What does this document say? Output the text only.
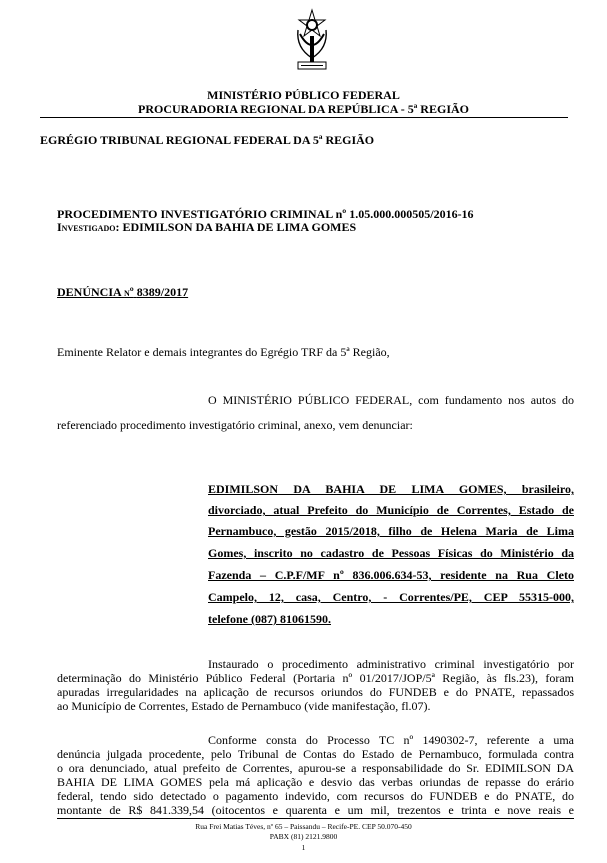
MINISTÉRIO PÚBLICO FEDERAL
PROCURADORIA REGIONAL DA REPÚBLICA - 5ª REGIÃO
EGRÉGIO TRIBUNAL REGIONAL FEDERAL DA 5ª REGIÃO
PROCEDIMENTO INVESTIGATÓRIO CRIMINAL nº 1.05.000.000505/2016-16
Investigado: EDIMILSON DA BAHIA DE LIMA GOMES
DENÚNCIA nº 8389/2017
Eminente Relator e demais integrantes do Egrégio TRF da 5ª Região,
O MINISTÉRIO PÚBLICO FEDERAL, com fundamento nos autos do
referenciado procedimento investigatório criminal, anexo, vem denunciar:
EDIMILSON DA BAHIA DE LIMA GOMES, brasileiro,
divorciado, atual Prefeito do Município de Correntes, Estado de
Pernambuco, gestão 2015/2018, filho de Helena Maria de Lima
Gomes, inscrito no cadastro de Pessoas Físicas do Ministério da
Fazenda – C.P.F/MF nº 836.006.634-53, residente na Rua Cleto
Campelo, 12, casa, Centro, - Correntes/PE, CEP 55315-000,
telefone (087) 81061590.
Instaurado o procedimento administrativo criminal investigatório por
determinação do Ministério Público Federal (Portaria nº 01/2017/JOP/5ª Região, às fls.23), foram
apuradas irregularidades na aplicação de recursos oriundos do FUNDEB e do PNATE, repassados
ao Município de Correntes, Estado de Pernambuco (vide manifestação, fl.07).
Conforme consta do Processo TC nº 1490302-7, referente a uma
denúncia julgada procedente, pelo Tribunal de Contas do Estado de Pernambuco, formulada contra
o ora denunciado, atual prefeito de Correntes, apurou-se a responsabilidade do Sr. EDIMILSON DA
BAHIA DE LIMA GOMES pela má aplicação e desvio das verbas oriundas de repasse do erário
federal, tendo sido detectado o pagamento indevido, com recursos do FUNDEB e do PNATE, do
montante de R$ 841.339,54 (oitocentos e quarenta e um mil, trezentos e trinta e nove reais e
Rua Frei Matias Téves, nº 65 – Paissandu – Recife-PE. CEP 50.070-450
PABX (81) 2121.9800
1
